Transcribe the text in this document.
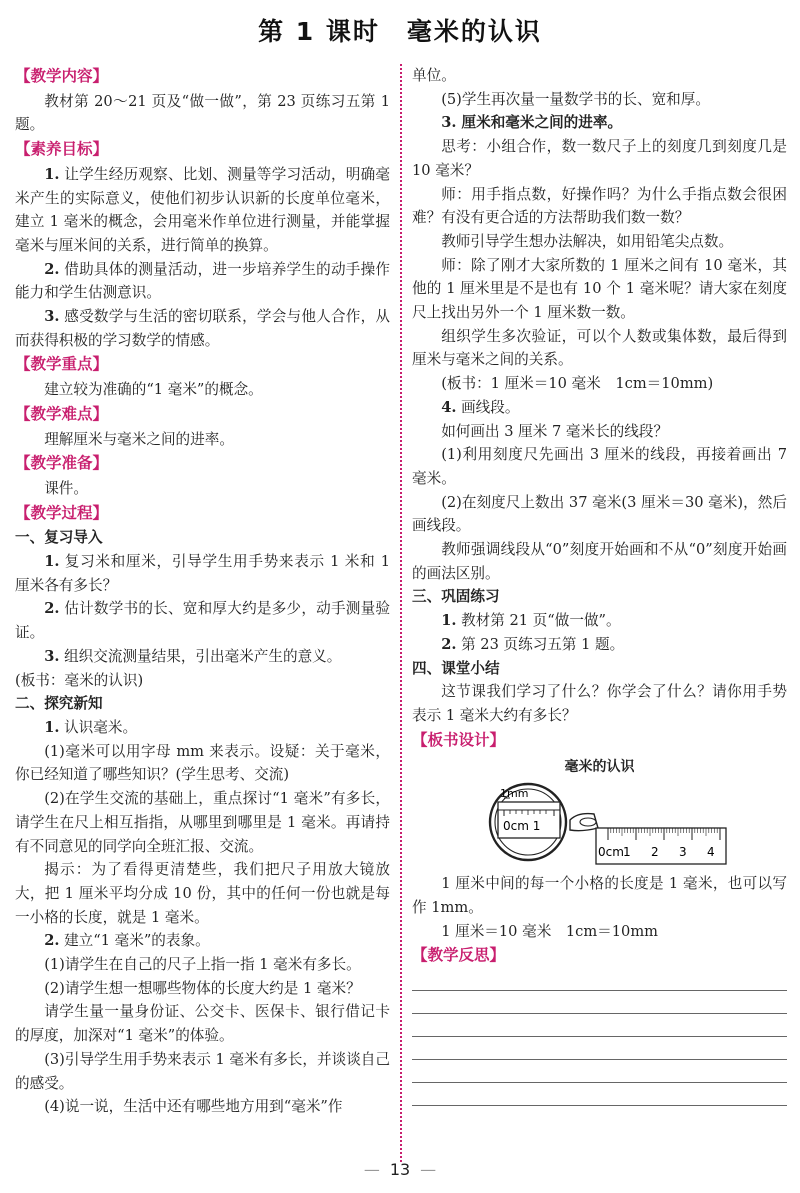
第 1 课时　毫米的认识
【教学内容】

教材第 20～21 页及“做一做”，第 23 页练习五第 1 题。

【素养目标】

1. 让学生经历观察、比划、测量等学习活动，明确毫米产生的实际意义，使他们初步认识新的长度单位毫米，建立 1 毫米的概念，会用毫米作单位进行测量，并能掌握毫米与厘米间的关系，进行简单的换算。

2. 借助具体的测量活动，进一步培养学生的动手操作能力和学生估测意识。

3. 感受数学与生活的密切联系，学会与他人合作，从而获得积极的学习数学的情感。

【教学重点】

建立较为准确的“1 毫米”的概念。

【教学难点】

理解厘米与毫米之间的进率。

【教学准备】

课件。

【教学过程】
一、复习导入

1. 复习米和厘米，引导学生用手势来表示 1 米和 1 厘米各有多长？

2. 估计数学书的长、宽和厚大约是多少，动手测量验证。

3. 组织交流测量结果，引出毫米产生的意义。

(板书：毫米的认识)

二、探究新知

1. 认识毫米。

(1)毫米可以用字母 mm 来表示。设疑：关于毫米，你已经知道了哪些知识？(学生思考、交流)

(2)在学生交流的基础上，重点探讨“1 毫米”有多长，请学生在尺上相互指指，从哪里到哪里是 1 毫米。再请持有不同意见的同学向全班汇报、交流。

揭示：为了看得更清楚些，我们把尺子用放大镜放大，把 1 厘米平均分成 10 份，其中的任何一份也就是每一小格的长度，就是 1 毫米。

2. 建立“1 毫米”的表象。

(1)请学生在自己的尺子上指一指 1 毫米有多长。

(2)请学生想一想哪些物体的长度大约是 1 毫米？

请学生量一量身份证、公交卡、医保卡、银行借记卡的厚度，加深对“1 毫米”的体验。

(3)引导学生用手势来表示 1 毫米有多长，并谈谈自己的感受。

(4)说一说，生活中还有哪些地方用到“毫米”作

单位。

(5)学生再次量一量数学书的长、宽和厚。

3. 厘米和毫米之间的进率。

思考：小组合作，数一数尺子上的刻度几到刻度几是 10 毫米？

师：用手指点数，好操作吗？为什么手指点数会很困难？有没有更合适的方法帮助我们数一数？

教师引导学生想办法解决，如用铅笔尖点数。

师：除了刚才大家所数的 1 厘米之间有 10 毫米，其他的 1 厘米里是不是也有 10 个 1 毫米呢？请大家在刻度尺上找出另外一个 1 厘米数一数。

组织学生多次验证，可以个人数或集体数，最后得到厘米与毫米之间的关系。

(板书：1 厘米＝10 毫米　1cm＝10mm)

4. 画线段。

如何画出 3 厘米 7 毫米长的线段？

(1)利用刻度尺先画出 3 厘米的线段，再接着画出 7 毫米。

(2)在刻度尺上数出 37 毫米(3 厘米＝30 毫米)，然后画线段。

教师强调线段从“0”刻度开始画和不从“0”刻度开始画的画法区别。

三、巩固练习

1. 教材第 21 页“做一做”。

2. 第 23 页练习五第 1 题。

四、课堂小结

这节课我们学习了什么？你学会了什么？请你用手势表示 1 毫米大约有多长？

【板书设计】
毫米的认识
1mm
0cm 1
0cm 1 2 3 4

1 厘米中间的每一个小格的长度是 1 毫米，也可以写作 1mm。

1 厘米＝10 毫米　1cm＝10mm

【教学反思】
— 13 —
